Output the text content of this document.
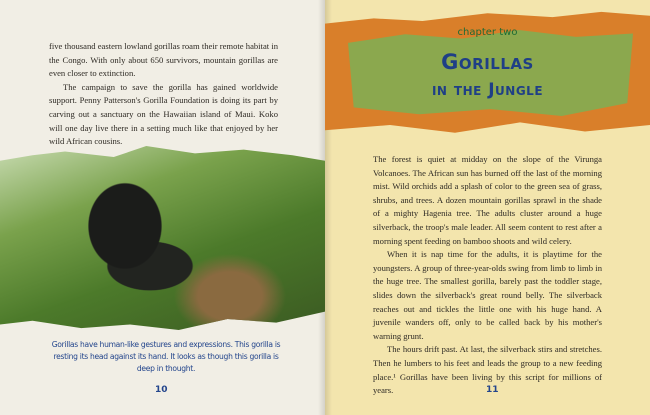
five thousand eastern lowland gorillas roam their remote habitat in the Congo. With only about 650 survivors, mountain gorillas are even closer to extinction.

The campaign to save the gorilla has gained worldwide support. Penny Patterson's Gorilla Foundation is doing its part by carving out a sanctuary on the Hawaiian island of Maui. Koko will one day live there in a setting much like that enjoyed by her wild African cousins.

Gorillas have human-like gestures and expressions. This gorilla is resting its head against its hand. It looks as though this gorilla is deep in thought.
10
chapter two
Gorillas
in the Jungle

The forest is quiet at midday on the slope of the Virunga Volcanoes. The African sun has burned off the last of the morning mist. Wild orchids add a splash of color to the green sea of grass, shrubs, and trees. A dozen mountain gorillas sprawl in the shade of a mighty Hagenia tree. The adults cluster around a huge silverback, the troop's male leader. All seem content to rest after a morning spent feeding on bamboo shoots and wild celery.

When it is nap time for the adults, it is playtime for the youngsters. A group of three-year-olds swing from limb to limb in the huge tree. The smallest gorilla, barely past the toddler stage, slides down the silverback's great round belly. The silverback reaches out and tickles the little one with his huge hand. A juvenile wanders off, only to be called back by his mother's warning grunt.

The hours drift past. At last, the silverback stirs and stretches. Then he lumbers to his feet and leads the group to a new feeding place.¹ Gorillas have been living by this script for millions of years.	11
